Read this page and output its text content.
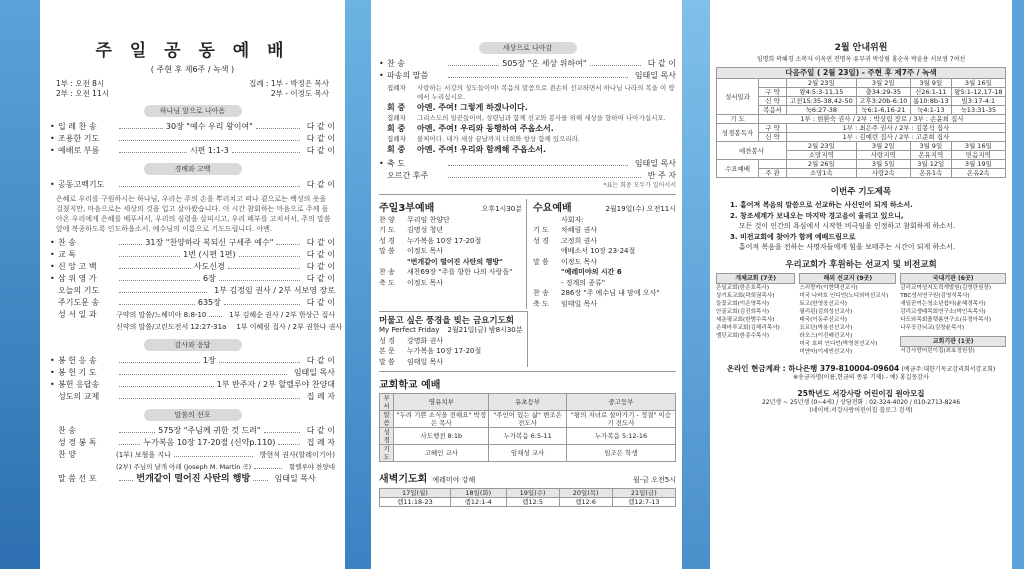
주 일 공 동 예 배
( 주현 후 제6주 / 녹색 )
1부 : 오전 8시
2부 : 오전 11시
집례 : 1부 - 박정은 목사
2부 - 이정도 목사
하나님 앞으로 나아옴
• 입 례 찬 송	30장 "예수 우리 왕이여"	다 같 이
• 조용한 기도	다 같 이
• 예배로 부름	시편 1:1-3	다 같 이
경배와 고백
• 공동고백기도	다 같 이
은혜로 우리를 구원하시는 하나님, 우리는 주의 손을 뿌리치고 떠나 곁으로는 백성의 옷을 걸쳤지만, 마음으로는 세상의 것을 입고 살아왔습니다. 이 시간 참회하는 마음으로 주께 돌아온 우리에게 은혜를 베푸셔서, 우리의 심령을 살피시고, 우리 폐부를 고치셔서, 주의 말씀 앞에 복종하도록 인도하옵소서. 예수님의 이름으로 기도드립니다. 아멘.
• 찬 송	31장 "찬양하라 복되신 구세주 예수"	다 같 이
• 교 독	1번 (시편 1편)	다 같 이
• 신 앙 고 백	사도신경	다 같 이
• 삼 위 영 가	6장	다 같 이
오늘의 기도	1부 김정임 권사 / 2부 서보영 장로
주기도문 송	635장	다 같 이
성 서 일 과	구약의 말씀/느헤미야 8:8-10	1부 김혜순 권사 / 2부 한상근 집사
신약의 말씀/고린도전서 12:27-31a 1부 이혜림 집사 / 2부 권한나 권사
감사와 응답
• 봉 헌 응 송	1장	다 같 이
• 봉 헌 기 도	임태일 목사
• 봉헌 응답송	1부 반주자 / 2부 할렐루야 찬양대
성도의 교제	집 례 자
말씀의 선포
찬 송	575장 "주님께 귀한 것 드려"	다 같 이
성 경 봉 독	누가복음 10장 17-20절 (신약p.110)	집 례 자
찬 양	(1부) 보혈을 지나	방현석 권사(할레이기아)
(2부) 주님의 날개 아래 (Joseph M. Martin 곡)	할렐루야 찬양대
말 씀 선 포	번개같이 떨어진 사탄의 행방	임태일 목사
세상으로 나아감
• 찬 송	505장 "온 세상 위하여"	다 같 이
• 파송의 말씀	임태일 목사
집례자	사랑하는 서강의 성도들이여! 복음의 말씀으로 겸손히 선교하면서 하나님 나라의 복을 이 땅에서 누리십시오.
회 중	아멘. 주여! 그렇게 하겠나이다.
집례자	그리스도의 일꾼들이여, 성령님과 함께 선교와 봉사를 위해 세상을 향하여 나아가십시오.
회 중	아멘. 주여! 우리와 동행하여 주옵소서.
집례자	볼찌어다. 내가 세상 끝날까지 너희와 항상 함께 있으리라.
회 중	아멘. 주여! 우리와 함께해 주옵소서.
• 축 도	임태일 목사
오르간 후주	반 주 자
*표는 회중 모두가 일어서서
주일3부예배	오후1시30분
찬 양	무리임 찬양단
기 도	김명성 청년
성 경	누가복음 10장 17-20절
말 씀	이정도 목사
"번개같이 떨어진 사탄의 행방"
찬 송	새찬69장 "주를 향한 나의 사랑을"
축 도	이정도 목사
수요예배	2월19일(수) 오전11시
사회자:
기 도	차혜림 권사
성 경	고정희 권사
에베소서 10장 23-24절
말 씀	이정도 목사
"예레미야의 시간 6
- 징계의 종류"
찬 송	286장 "주 예수님 내 맘에 오사"
축 도	임태일 목사
머물고 싶은 풍경을 빚는 금요기도회
My Perfect Friday 2월21일(금) 밤8시30분
성 경	강명화 권사
본 문	누가복음 10장 17-20절
말 씀	임태일 목사
교회학교 예배
부서	영유치부	유초등부	중고등부
말씀	"두려 기쁜 소식을 전해요" 박정은 목사	"주인이 있는 삶" 변조은 전도사	"왕의 자녀로 살아가기 - 정결" 이승기 전도사
성경	사도행전 8:1b	누가복음 6:5-11	누가복음 5:12-16
기도	고혜인 교사	임채성 교사	임조은 학생
새벽기도회 예레미야 강해	월-금 오전5시
17일(월)	18일(화)	19일(수)	20일(목)	21일(금)
렘11:18-23	렘12:1-4	렘12:5	렘12:6	렘12:7-13
2월 안내위원
임명희 곽혜경 소복자 이옥연 전명옥 유부귀 박상림 홍순옥 박윤용 서보영 7여선
다음주일 ( 2월 23일) - 주현 후 제7주 / 녹색					
성서일과		2월 23일	3월 2일	3월 9일	3월 16일
	구 약	왕4:5:3-11,15	출34:29-35	신26:1-11	왕5:1-12,17-18
	신 약	고전15:35-38,42-50	고후3:20b-6:10	롬10:8b-13	빌3:17-4:1
	복음서	눅6:27-38	눅6:1-6,16-21	눅4:1-13	눅13:31-35
기 도	1부 : 현환숙 권사 / 2부 : 박상림 장로 / 3부 : 손윤희 집사				
성경봉독자	구 약	1부 : 최은주 권사 / 2부 : 김봉석 집사			
	신 약	1부 : 김예린 집사 / 2부 : 고준희 집사			
애찬봉사		2월 23일	3월 2일	3월 9일	3월 16일
		소망지역	사랑지역	온유지역	믿음지역
수요예배		2월 26일	3월 5일	3월 12일	3월 19일
	주 관	소망1속	사랑2속	온유1속	온유2속
이번주 기도제목
1. 흩어져 복음의 말씀으로 선교하는 사신인이 되게 하소서.
2. 창조세계가 보내오는 마지막 경고음이 울리고 있으니,
모든 것이 인간의 욕심에서 시작한 비극임을 인정하고 참회하게 하소서.
3. 비전교회에 찾아가 함께 예배드림으로
흩어져 복음을 전하는 사명자들에게 힘을 보태주는 시간이 되게 하소서.
우리교회가 후원하는 선교지 및 비전교회
개체교회 (7곳)
은일교회(한은호목사)
상기토교회(곽희권목사)
들꽃교회(이은영목사)
안골교회(김진희목사)
세운평교회(한범수목사)
은혜마루교회(김해리목사)
엠딘교회(한종수목사)
해외 선교지 (9곳)
스리랑카(이현택선교사)
미국 나바호 인디언(노디와미선교사)
토고(한영웅선교사)
필리핀(김희성선교사)
태국(이동주선교사)
요르단(박용선선교사)
라오스(이진배선교사)
미국 호피 인디언(박영천선교사)
미얀마(이세빈선교사)
국내기관 (6곳)
감리교여성지도력개발원(김영란원장)
TBC성서연구원(김영석목사)
새일꾼여는청소년쉼터(윤혜경목사)
감리교생태목회연구소(박인옥목사)
다도와목회플랫폼연구소(유정아목사)
나무곳간뇌교(김창윤목사)
교회기관 (1곳)
서강사랑어린이집(최효정원장)
온라인 현금계좌 : 하나은행 379-810004-09604 (예금주:대한기독교감리회서강교회)
※송금자명(이름,헌금의 종류 기재) - 예) 홍길동감사
25학년도 서강사랑 어린이집 원아모집
22년생 ~ 25년생 (0~4세) / 상담전화 : 02-324-4020 / 010-2713-8246
(네이버:서강사랑어린이집 블로그 검색)
